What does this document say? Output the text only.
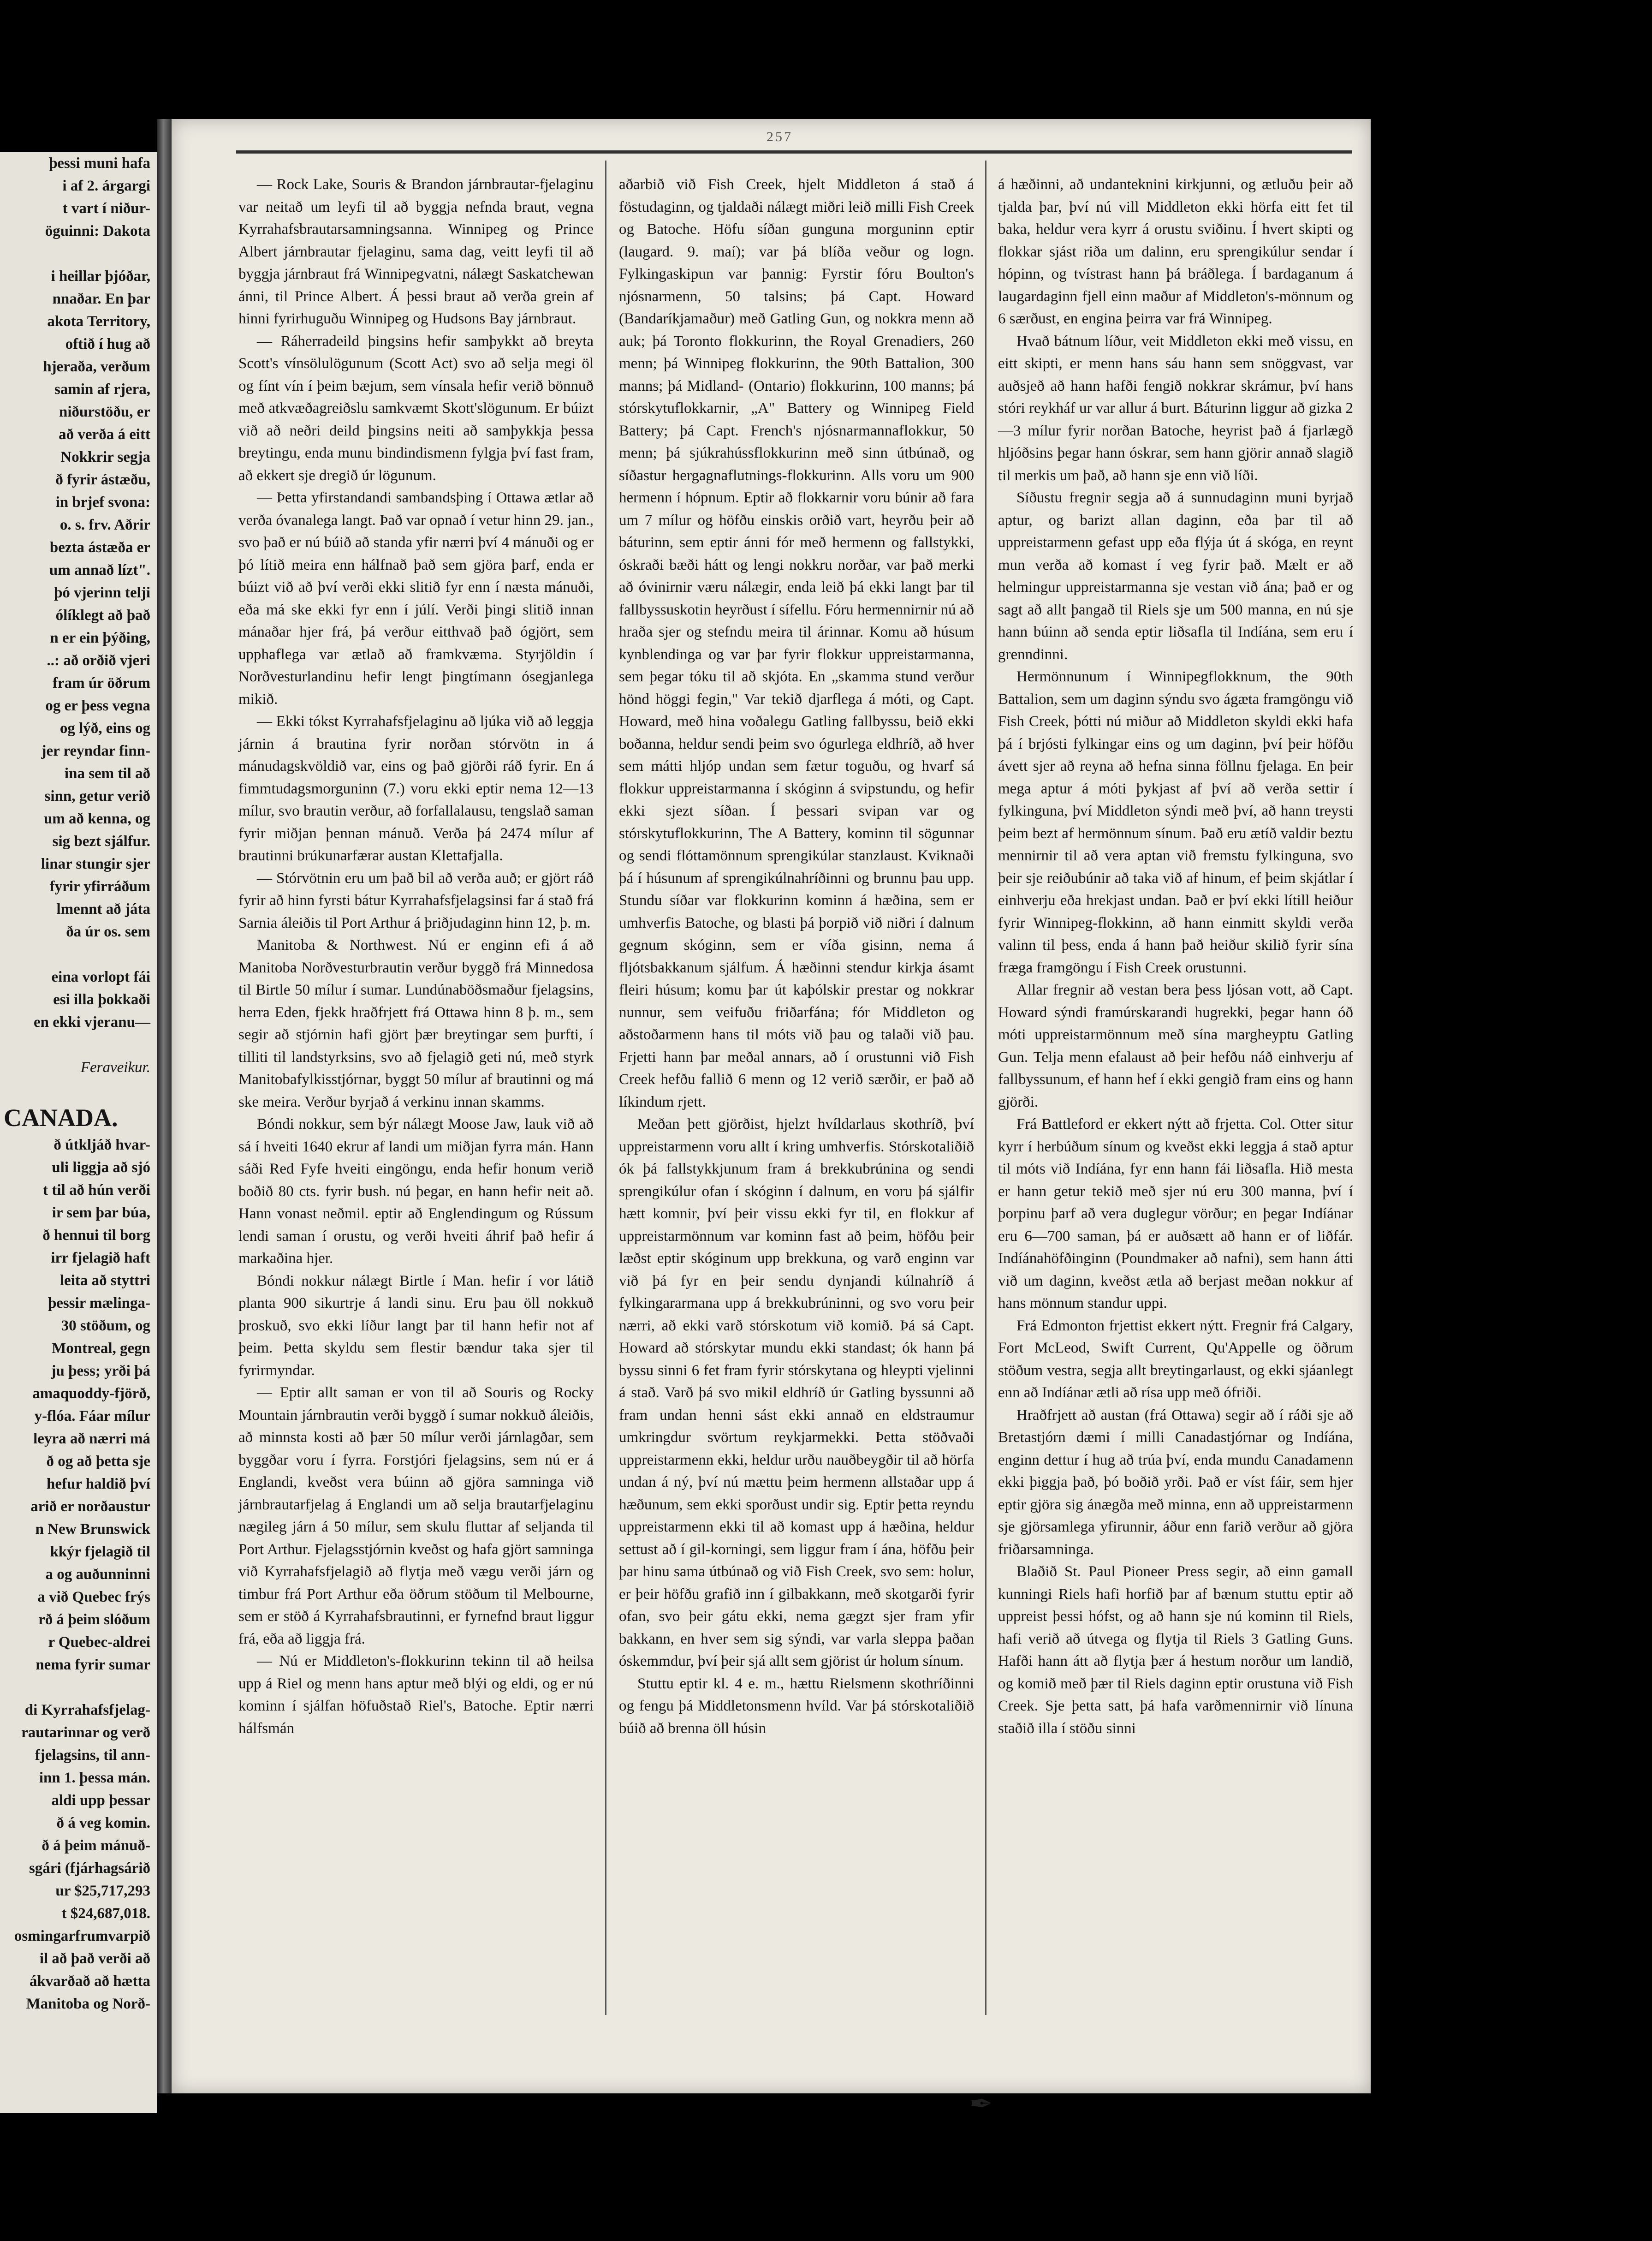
þessi muni hafa

i af 2. árgargi

t vart í niður-

öguinni: Dakota

i heillar þjóðar,

nnaðar. En þar

akota Territory,

oftið í hug að

hjeraða, verðum

samin af rjera,

niðurstöðu, er

að verða á eitt

Nokkrir segja

ð fyrir ástæðu,

in brjef svona:

o. s. frv. Aðrir

bezta ástæða er

um annað lízt".

þó vjerinn telji

ólíklegt að það

n er ein þýðing,

..: að orðið vjeri

fram úr öðrum

og er þess vegna

og lýð, eins og

jer reyndar finn-

ina sem til að

sinn, getur verið

um að kenna, og

sig bezt sjálfur.

linar stungir sjer

fyrir yfirráðum

lmennt að játa

ða úr os. sem

eina vorlopt fái

esi illa þokkaði

en ekki vjeranu—

Feraveikur.

CANADA.

ð útkljáð hvar-

uli liggja að sjó

t til að hún verði

ir sem þar búa,

ð hennui til borg

irr fjelagið haft

leita að styttri

þessir mælinga-

30 stöðum, og

Montreal, gegn

ju þess; yrði þá

amaquoddy-fjörð,

y-flóa. Fáar mílur

leyra að nærri má

ð og að þetta sje

hefur haldið því

arið er norðaustur

n New Brunswick

kkýr fjelagið til

a og auðunninni

a við Quebec frýs

rð á þeim slóðum

r Quebec-aldrei

nema fyrir sumar

di Kyrrahafsfjelag-

rautarinnar og verð

fjelagsins, til ann-

inn 1. þessa mán.

aldi upp þessar

ð á veg komin.

ð á þeim mánuð-

sgári (fjárhagsárið

ur $25,717,293

t $24,687,018.

osmingarfrumvarpið

il að það verði að

ákvarðað að hætta

Manitoba og Norð-

257

— Rock Lake, Souris & Brandon járnbrautar-fjelaginu var neitað um leyfi til að byggja nefnda braut, vegna Kyrrahafsbrautarsamningsanna. Winnipeg og Prince Albert járnbrautar fjelaginu, sama dag, veitt leyfi til að byggja járnbraut frá Winnipegvatni, nálægt Saskatchewan ánni, til Prince Albert. Á þessi braut að verða grein af hinni fyrirhuguðu Winnipeg og Hudsons Bay járnbraut.

— Ráherradeild þingsins hefir samþykkt að breyta Scott's vínsölulögunum (Scott Act) svo að selja megi öl og fínt vín í þeim bæjum, sem vínsala hefir verið bönnuð með atkvæðagreiðslu samkvæmt Skott'slögunum. Er búizt við að neðri deild þingsins neiti að samþykkja þessa breytingu, enda munu bindindismenn fylgja því fast fram, að ekkert sje dregið úr lögunum.

— Þetta yfirstandandi sambandsþing í Ottawa ætlar að verða óvanalega langt. Það var opnað í vetur hinn 29. jan., svo það er nú búið að standa yfir nærri því 4 mánuði og er þó lítið meira enn hálfnað það sem gjöra þarf, enda er búizt við að því verði ekki slitið fyr enn í næsta mánuði, eða má ske ekki fyr enn í júlí. Verði þingi slitið innan mánaðar hjer frá, þá verður eitthvað það ógjört, sem upphaflega var ætlað að framkvæma. Styrjöldin í Norðvesturlandinu hefir lengt þingtímann ósegjanlega mikið.

— Ekki tókst Kyrrahafsfjelaginu að ljúka við að leggja járnin á brautina fyrir norðan stórvötn in á mánudagskvöldið var, eins og það gjörði ráð fyrir. En á fimmtudagsmorguninn (7.) voru ekki eptir nema 12—13 mílur, svo brautin verður, að forfallalausu, tengslað saman fyrir miðjan þennan mánuð. Verða þá 2474 mílur af brautinni brúkunarfærar austan Klettafjalla.

— Stórvötnin eru um það bil að verða auð; er gjört ráð fyrir að hinn fyrsti bátur Kyrrahafsfjelagsinsi far á stað frá Sarnia áleiðis til Port Arthur á þriðjudaginn hinn 12, þ. m.

Manitoba & Northwest. Nú er enginn efi á að Manitoba Norðvesturbrautin verður byggð frá Minnedosa til Birtle 50 mílur í sumar. Lundúnaböðsmaður fjelagsins, herra Eden, fjekk hraðfrjett frá Ottawa hinn 8 þ. m., sem segir að stjórnin hafi gjört þær breytingar sem þurfti, í tilliti til landstyrksins, svo að fjelagið geti nú, með styrk Manitobafylkisstjórnar, byggt 50 mílur af brautinni og má ske meira. Verður byrjað á verkinu innan skamms.

Bóndi nokkur, sem býr nálægt Moose Jaw, lauk við að sá í hveiti 1640 ekrur af landi um miðjan fyrra mán. Hann sáði Red Fyfe hveiti eingöngu, enda hefir honum verið boðið 80 cts. fyrir bush. nú þegar, en hann hefir neit að. Hann vonast neðmil. eptir að Englendingum og Rússum lendi saman í orustu, og verði hveiti áhrif það hefir á markaðina hjer.

Bóndi nokkur nálægt Birtle í Man. hefir í vor látið planta 900 sikurtrje á landi sinu. Eru þau öll nokkuð þroskuð, svo ekki líður langt þar til hann hefir not af þeim. Þetta skyldu sem flestir bændur taka sjer til fyrirmyndar.

— Eptir allt saman er von til að Souris og Rocky Mountain járnbrautin verði byggð í sumar nokkuð áleiðis, að minnsta kosti að þær 50 mílur verði járnlagðar, sem byggðar voru í fyrra. Forstjóri fjelagsins, sem nú er á Englandi, kveðst vera búinn að gjöra samninga við járnbrautarfjelag á Englandi um að selja brautarfjelaginu nægileg járn á 50 mílur, sem skulu fluttar af seljanda til Port Arthur. Fjelagsstjórnin kveðst og hafa gjört samninga við Kyrrahafsfjelagið að flytja með vægu verði járn og timbur frá Port Arthur eða öðrum stöðum til Melbourne, sem er stöð á Kyrrahafsbrautinni, er fyrnefnd braut liggur frá, eða að liggja frá.

— Nú er Middleton's-flokkurinn tekinn til að heilsa upp á Riel og menn hans aptur með blýi og eldi, og er nú kominn í sjálfan höfuðstað Riel's, Batoche. Eptir nærri hálfsmán

aðarbið við Fish Creek, hjelt Middleton á stað á föstudaginn, og tjaldaði nálægt miðri leið milli Fish Creek og Batoche. Höfu síðan gunguna morguninn eptir (laugard. 9. maí); var þá blíða veður og logn. Fylkingaskipun var þannig: Fyrstir fóru Boulton's njósnarmenn, 50 talsins; þá Capt. Howard (Bandaríkjamaður) með Gatling Gun, og nokkra menn að auk; þá Toronto flokkurinn, the Royal Grenadiers, 260 menn; þá Winnipeg flokkurinn, the 90th Battalion, 300 manns; þá Midland- (Ontario) flokkurinn, 100 manns; þá stórskytuflokkarnir, „A" Battery og Winnipeg Field Battery; þá Capt. French's njósnarmannaflokkur, 50 menn; þá sjúkrahússflokkurinn með sinn útbúnað, og síðastur hergagnaflutnings-flokkurinn. Alls voru um 900 hermenn í hópnum. Eptir að flokkarnir voru búnir að fara um 7 mílur og höfðu einskis orðið vart, heyrðu þeir að báturinn, sem eptir ánni fór með hermenn og fallstykki, óskraði bæði hátt og lengi nokkru norðar, var það merki að óvinirnir væru nálægir, enda leið þá ekki langt þar til fallbyssuskotin heyrðust í sífellu. Fóru hermennirnir nú að hraða sjer og stefndu meira til árinnar. Komu að húsum kynblendinga og var þar fyrir flokkur uppreistarmanna, sem þegar tóku til að skjóta. En „skamma stund verður hönd höggi fegin," Var tekið djarflega á móti, og Capt. Howard, með hina voðalegu Gatling fallbyssu, beið ekki boðanna, heldur sendi þeim svo ógurlega eldhríð, að hver sem mátti hljóp undan sem fætur toguðu, og hvarf sá flokkur uppreistarmanna í skóginn á svipstundu, og hefir ekki sjezt síðan. Í þessari svipan var og stórskytuflokkurinn, The A Battery, kominn til sögunnar og sendi flóttamönnum sprengikúlar stanzlaust. Kviknaði þá í húsunum af sprengikúlnahríðinni og brunnu þau upp. Stundu síðar var flokkurinn kominn á hæðina, sem er umhverfis Batoche, og blasti þá þorpið við niðri í dalnum gegnum skóginn, sem er víða gisinn, nema á fljótsbakkanum sjálfum. Á hæðinni stendur kirkja ásamt fleiri húsum; komu þar út kaþólskir prestar og nokkrar nunnur, sem veifuðu friðarfána; fór Middleton og aðstoðarmenn hans til móts við þau og talaði við þau. Frjetti hann þar meðal annars, að í orustunni við Fish Creek hefðu fallið 6 menn og 12 verið særðir, er það að líkindum rjett.

Meðan þett gjörðist, hjelzt hvíldarlaus skothríð, því uppreistarmenn voru allt í kring umhverfis. Stórskotaliðið ók þá fallstykkjunum fram á brekkubrúnina og sendi sprengikúlur ofan í skóginn í dalnum, en voru þá sjálfir hætt komnir, því þeir vissu ekki fyr til, en flokkur af uppreistarmönnum var kominn fast að þeim, höfðu þeir læðst eptir skóginum upp brekkuna, og varð enginn var við þá fyr en þeir sendu dynjandi kúlnahríð á fylkingararmana upp á brekkubrúninni, og svo voru þeir nærri, að ekki varð stórskotum við komið. Þá sá Capt. Howard að stórskytar mundu ekki standast; ók hann þá byssu sinni 6 fet fram fyrir stórskytana og hleypti vjelinni á stað. Varð þá svo mikil eldhríð úr Gatling byssunni að fram undan henni sást ekki annað en eldstraumur umkringdur svörtum reykjarmekki. Þetta stöðvaði uppreistarmenn ekki, heldur urðu nauðbeygðir til að hörfa undan á ný, því nú mættu þeim hermenn allstaðar upp á hæðunum, sem ekki sporðust undir sig. Eptir þetta reyndu uppreistarmenn ekki til að komast upp á hæðina, heldur settust að í gil-korningi, sem liggur fram í ána, höfðu þeir þar hinu sama útbúnað og við Fish Creek, svo sem: holur, er þeir höfðu grafið inn í gilbakkann, með skotgarði fyrir ofan, svo þeir gátu ekki, nema gægzt sjer fram yfir bakkann, en hver sem sig sýndi, var varla sleppa þaðan óskemmdur, því þeir sjá allt sem gjörist úr holum sínum.

Stuttu eptir kl. 4 e. m., hættu Rielsmenn skothríðinni og fengu þá Middletonsmenn hvíld. Var þá stórskotaliðið búið að brenna öll húsin

á hæðinni, að undanteknini kirkjunni, og ætluðu þeir að tjalda þar, því nú vill Middleton ekki hörfa eitt fet til baka, heldur vera kyrr á orustu sviðinu. Í hvert skipti og flokkar sjást riða um dalinn, eru sprengikúlur sendar í hópinn, og tvístrast hann þá bráðlega. Í bardaganum á laugardaginn fjell einn maður af Middleton's-mönnum og 6 særðust, en engina þeirra var frá Winnipeg.

Hvað bátnum líður, veit Middleton ekki með vissu, en eitt skipti, er menn hans sáu hann sem snöggvast, var auðsjeð að hann hafði fengið nokkrar skrámur, því hans stóri reykháf ur var allur á burt. Báturinn liggur að gizka 2—3 mílur fyrir norðan Batoche, heyrist það á fjarlægð hljóðsins þegar hann óskrar, sem hann gjörir annað slagið til merkis um það, að hann sje enn við líði.

Síðustu fregnir segja að á sunnudaginn muni byrjað aptur, og barizt allan daginn, eða þar til að uppreistarmenn gefast upp eða flýja út á skóga, en reynt mun verða að komast í veg fyrir það. Mælt er að helmingur uppreistarmanna sje vestan við ána; það er og sagt að allt þangað til Riels sje um 500 manna, en nú sje hann búinn að senda eptir liðsafla til Indíána, sem eru í grenndinni.

Hermönnunum í Winnipegflokknum, the 90th Battalion, sem um daginn sýndu svo ágæta framgöngu við Fish Creek, þótti nú miður að Middleton skyldi ekki hafa þá í brjósti fylkingar eins og um daginn, því þeir höfðu ávett sjer að reyna að hefna sinna föllnu fjelaga. En þeir mega aptur á móti þykjast af því að verða settir í fylkinguna, því Middleton sýndi með því, að hann treysti þeim bezt af hermönnum sínum. Það eru ætíð valdir beztu mennirnir til að vera aptan við fremstu fylkinguna, svo þeir sje reiðubúnir að taka við af hinum, ef þeim skjátlar í einhverju eða hrekjast undan. Það er því ekki lítill heiður fyrir Winnipeg-flokkinn, að hann einmitt skyldi verða valinn til þess, enda á hann það heiður skilið fyrir sína fræga framgöngu í Fish Creek orustunni.

Allar fregnir að vestan bera þess ljósan vott, að Capt. Howard sýndi framúrskarandi hugrekki, þegar hann óð móti uppreistarmönnum með sína margheyptu Gatling Gun. Telja menn efalaust að þeir hefðu náð einhverju af fallbyssunum, ef hann hef í ekki gengið fram eins og hann gjörði.

Frá Battleford er ekkert nýtt að frjetta. Col. Otter situr kyrr í herbúðum sínum og kveðst ekki leggja á stað aptur til móts við Indíána, fyr enn hann fái liðsafla. Hið mesta er hann getur tekið með sjer nú eru 300 manna, því í þorpinu þarf að vera duglegur vörður; en þegar Indíánar eru 6—700 saman, þá er auðsætt að hann er of liðfár. Indíánahöfðinginn (Poundmaker að nafni), sem hann átti við um daginn, kveðst ætla að berjast meðan nokkur af hans mönnum standur uppi.

Frá Edmonton frjettist ekkert nýtt. Fregnir frá Calgary, Fort McLeod, Swift Current, Qu'Appelle og öðrum stöðum vestra, segja allt breytingarlaust, og ekki sjáanlegt enn að Indíánar ætli að rísa upp með ófriði.

Hraðfrjett að austan (frá Ottawa) segir að í ráði sje að Bretastjórn dæmi í milli Canadastjórnar og Indíána, enginn dettur í hug að trúa því, enda mundu Canadamenn ekki þiggja það, þó boðið yrði. Það er víst fáir, sem hjer eptir gjöra sig ánægða með minna, enn að uppreistarmenn sje gjörsamlega yfirunnir, áður enn farið verður að gjöra friðarsamninga.

Blaðið St. Paul Pioneer Press segir, að einn gamall kunningi Riels hafi horfið þar af bænum stuttu eptir að uppreist þessi hófst, og að hann sje nú kominn til Riels, hafi verið að útvega og flytja til Riels 3 Gatling Guns. Hafði hann átt að flytja þær á hestum norður um landið, og komið með þær til Riels daginn eptir orustuna við Fish Creek. Sje þetta satt, þá hafa varðmennirnir við línuna staðið illa í stöðu sinni

✒
